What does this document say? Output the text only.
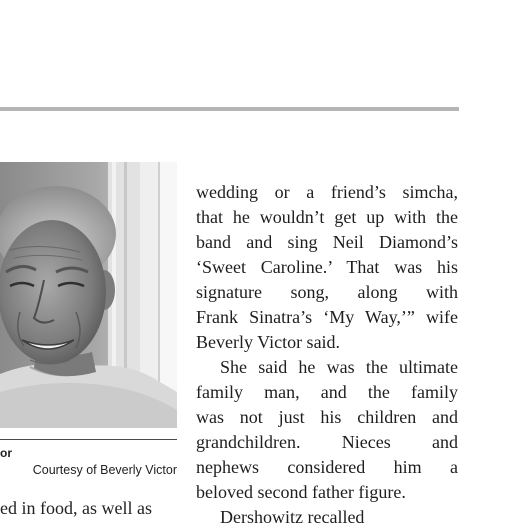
or
Courtesy of Beverly Victor
ed in food, as well as
wedding or a friend’s simcha,
that he wouldn’t get up with the
band and sing Neil Diamond’s
‘Sweet Caroline.’ That was his
signature song, along with
Frank Sinatra’s ‘My Way,’” wife
Beverly Victor said.
She said he was the ultimate
family man, and the family
was not just his children and
grandchildren. Nieces and
nephews considered him a
beloved second father figure.
Dershowitz recalled
